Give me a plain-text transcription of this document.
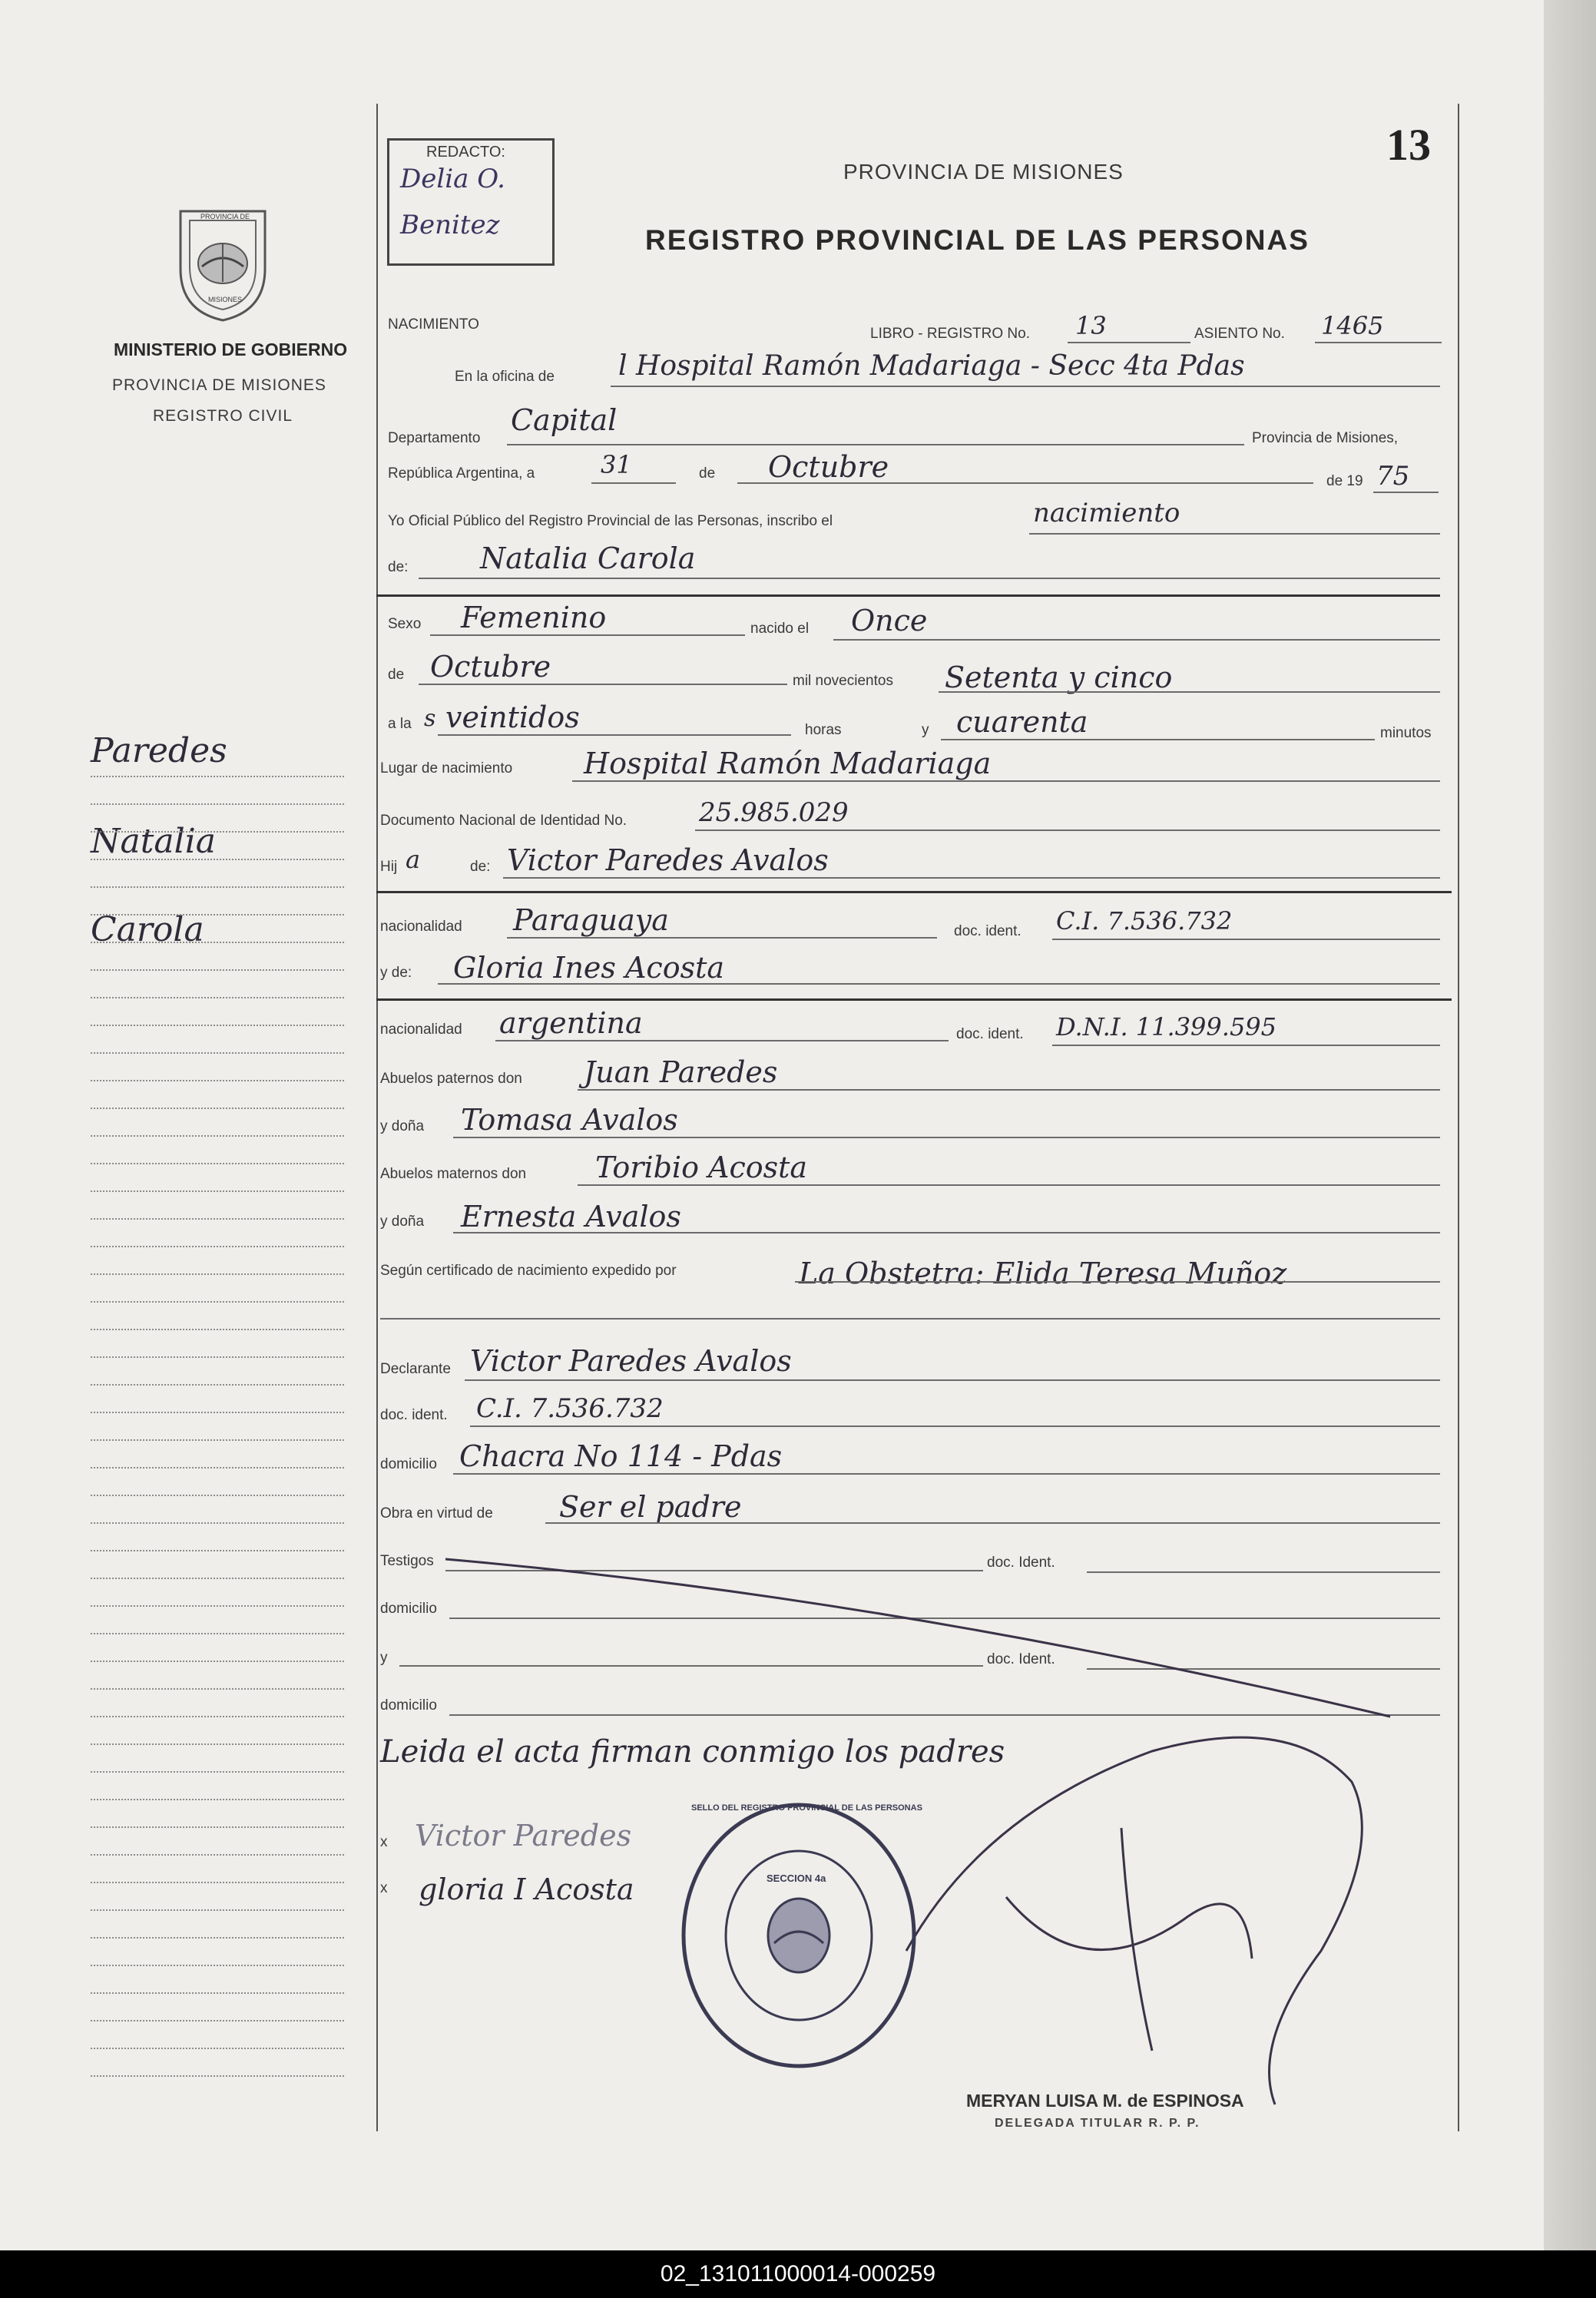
13
REDACTO:
Delia O.
Benitez
PROVINCIA DE MISIONES
REGISTRO PROVINCIAL DE LAS PERSONAS
PROVINCIA DE
MISIONES
MINISTERIO DE GOBIERNO
PROVINCIA DE MISIONES
REGISTRO CIVIL
Paredes
Natalia
Carola
NACIMIENTO
LIBRO - REGISTRO No. 13	ASIENTO No. 1465
En la oficina de l Hospital Ramón Madariaga - Secc 4ta Pdas
Departamento
Capital
Provincia de Misiones,
República Argentina, a	31	de Octubre	de 19 75
Yo Oficial Público del Registro Provincial de las Personas, inscribo el	nacimiento
de: Natalia Carola
Sexo Femenino	nacido el Once
de Octubre	mil novecientos Setenta y cinco
a la s veintidos	horas	y cuarenta	minutos
Lugar de nacimiento Hospital Ramón Madariaga
Documento Nacional de Identidad No.	25.985.029
Hij a	de: Victor Paredes Avalos
nacionalidad Paraguaya	doc. ident. C.I. 7.536.732
y de: Gloria Ines Acosta
nacionalidad argentina	doc. ident. D.N.I. 11.399.595
Abuelos paternos don Juan Paredes
y doña Tomasa Avalos
Abuelos maternos don Toribio Acosta
y doña Ernesta Avalos
Según certificado de nacimiento expedido por	La Obstetra: Elida Teresa Muñoz
Declarante Victor Paredes Avalos
doc. ident. C.I. 7.536.732
domicilio Chacra No 114 - Pdas
Obra en virtud de Ser el padre
Testigos	doc. Ident.
domicilio
y	doc. Ident.
domicilio
Leida el acta firman conmigo los padres
x Victor Paredes
x gloria I Acosta
SELLO DEL REGISTRO PROVINCIAL DE LAS PERSONAS
SECCION 4a
MERYAN LUISA M. de ESPINOSA
DELEGADA TITULAR R. P. P.
02_131011000014-000259
